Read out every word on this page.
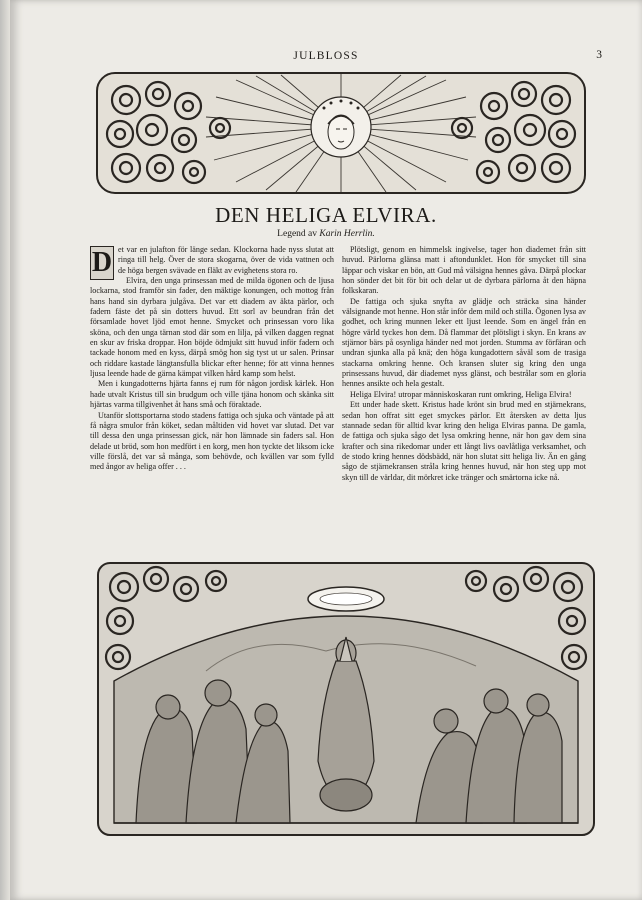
JULBLOSS	3
DEN HELIGA ELVIRA.
Legend av Karin Herrlin.

D et var en julafton för länge sedan. Klockorna hade nyss slutat att ringa till helg. Över de stora skogarna, över de vida vattnen och de höga bergen svävade en fläkt av evighetens stora ro.

Elvira, den unga prinsessan med de milda ögonen och de ljusa lockarna, stod framför sin fader, den mäktige konungen, och mottog från hans hand sin dyrbara julgåva. Det var ett diadem av äkta pärlor, och fadern fäste det på sin dotters huvud. Ett sorl av beundran från det församlade hovet ljöd emot henne. Smycket och prinsessan voro lika sköna, och den unga tärnan stod där som en lilja, på vilken daggen regnat en skur av friska droppar. Hon böjde ödmjukt sitt huvud inför fadern och tackade honom med en kyss, därpå smög hon sig tyst ut ur salen. Prinsar och riddare kastade längtansfulla blickar efter henne; för att vinna hennes ljusa leende hade de gärna kämpat vilken hård kamp som helst.

Men i kungadotterns hjärta fanns ej rum för någon jordisk kärlek. Hon hade utvalt Kristus till sin brudgum och ville tjäna honom och skänka sitt hjärtas varma tillgivenhet åt hans små och föraktade.

Utanför slottsportarna stodo stadens fattiga och sjuka och väntade på att få några smulor från köket, sedan måltiden vid hovet var slutad. Det var till dessa den unga prinsessan gick, när hon lämnade sin faders sal. Hon delade ut bröd, som hon medfört i en korg, men hon tyckte det liksom icke ville förslå, det var så många, som behövde, och kvällen var som fylld med ångor av heliga offer . . .

Plötsligt, genom en himmelsk ingivelse, tager hon diademet från sitt huvud. Pärlorna glänsa matt i aftondunklet. Hon för smycket till sina läppar och viskar en bön, att Gud må välsigna hennes gåva. Därpå plockar hon sönder det bit för bit och delar ut de dyrbara pärlorna åt den häpna folkskaran.

De fattiga och sjuka snyfta av glädje och sträcka sina händer välsignande mot henne. Hon står inför dem mild och stilla. Ögonen lysa av godhet, och kring munnen leker ett ljust leende. Som en ängel från en högre värld tyckes hon dem. Då flammar det plötsligt i skyn. En krans av stjärnor bärs på osynliga händer ned mot jorden. Stumma av förfäran och undran sjunka alla på knä; den höga kungadottern såväl som de trasiga stackarna omkring henne. Och kransen sluter sig kring den unga prinsessans huvud, där diademet nyss glänst, och bestrålar som en gloria hennes ansikte och hela gestalt.

Heliga Elvira! utropar människoskaran runt omkring, Heliga Elvira!

Ett under hade skett. Kristus hade krönt sin brud med en stjärnekrans, sedan hon offrat sitt eget smyckes pärlor. Ett återsken av detta ljus stannade sedan för alltid kvar kring den heliga Elviras panna. De gamla, de fattiga och sjuka sågo det lysa omkring henne, när hon gav dem sina krafter och sina rikedomar under ett långt livs oavlåtliga verksamhet, och de stodo kring hennes dödsbädd, när hon slutat sitt heliga liv. Än en gång sågo de stjärnekransen stråla kring hennes huvud, när hon steg upp mot skyn till de världar, dit mörkret icke tränger och smärtorna icke nå.
